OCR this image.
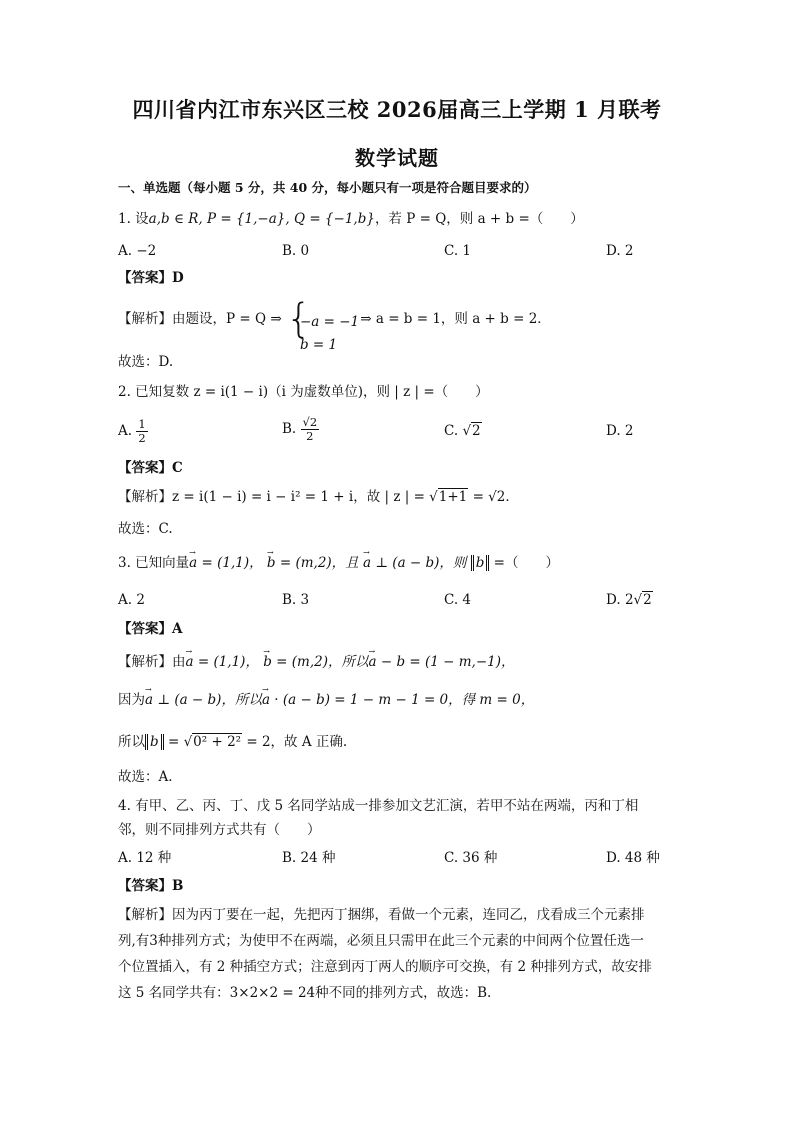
四川省内江市东兴区三校 2026届高三上学期 1 月联考
数学试题
一、单选题（每小题 5 分，共 40 分，每小题只有一项是符合题目要求的）
1. 设a,b ∈ R, P = {1,−a}, Q = {−1,b}，若 P = Q，则 a + b =（　　）
A. −2	B. 0	C. 1	D. 2
【答案】D
【解析】由题设，P = Q ⇒ {
−a = −1
b = 1
⇒ a = b = 1，则 a + b = 2．
故选：D.
2. 已知复数 z = i(1 − i)（i 为虚数单位)，则 | z | =（　　）
A. $\frac{1}{2}$	B. $\frac{√2}{2}$	C. √2	D. 2
【答案】C
【解析】z = i(1 − i) = i − i² = 1 + i，故 | z | = √1+1 = √2．
故选：C.
3. 已知向量→ a = (1,1)， → b = (m,2)，且 → a ⊥ (a − b)，则 b =（　　）
A. 2	B. 3	C. 4	D. 2√2
【答案】A
【解析】由→ a = (1,1)， → b = (m,2)，所以→ a − b = (1 − m,−1)，
因为→ a ⊥ (a − b)，所以→ a · (a − b) = 1 − m − 1 = 0，得 m = 0，
所以 b = √0² + 2² = 2，故 A 正确.
故选：A.
4. 有甲、乙、丙、丁、戊 5 名同学站成一排参加文艺汇演，若甲不站在两端，丙和丁相
邻，则不同排列方式共有（　　）
A. 12 种	B. 24 种	C. 36 种	D. 48 种
【答案】B
【解析】因为丙丁要在一起，先把丙丁捆绑，看做一个元素，连同乙，戊看成三个元素排
列,有3种排列方式；为使甲不在两端，必须且只需甲在此三个元素的中间两个位置任选一
个位置插入，有 2 种插空方式；注意到丙丁两人的顺序可交换，有 2 种排列方式，故安排
这 5 名同学共有：3×2×2 = 24种不同的排列方式，故选：B.
